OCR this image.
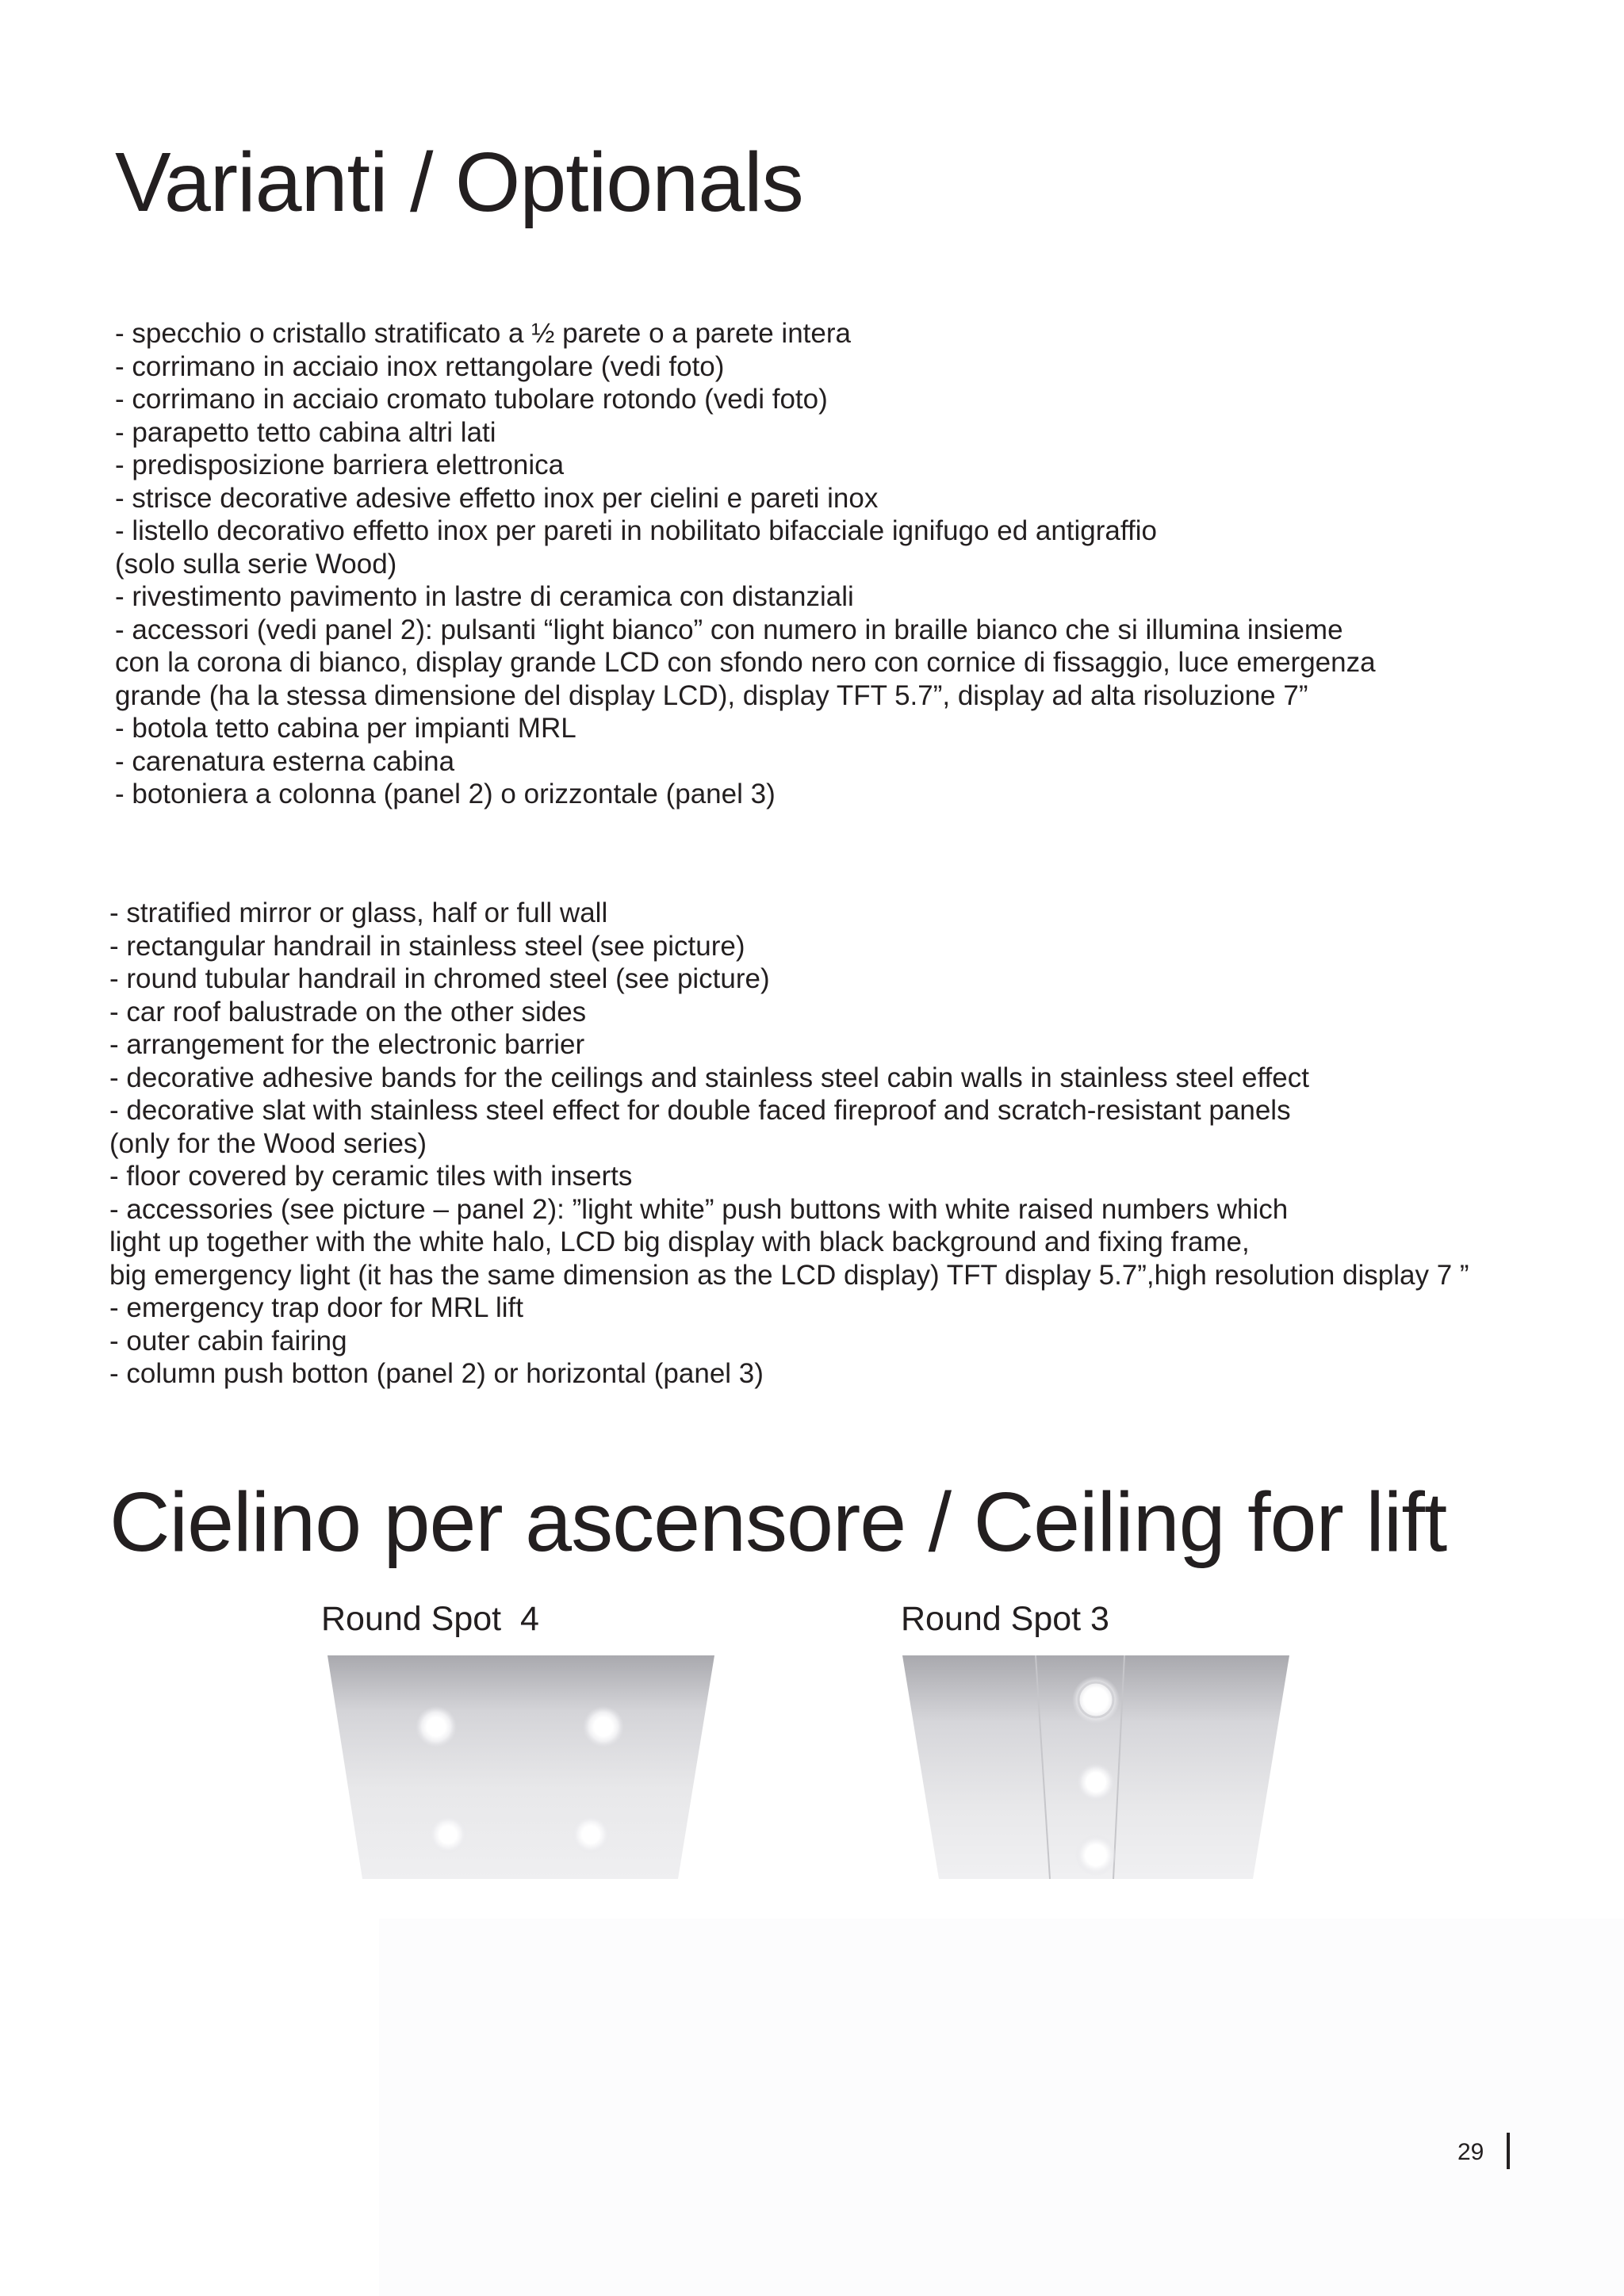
Varianti / Optionals
- specchio o cristallo stratificato a ½ parete o a parete intera
- corrimano in acciaio inox rettangolare (vedi foto)
- corrimano in acciaio cromato tubolare rotondo (vedi foto)
- parapetto tetto cabina altri lati
- predisposizione barriera elettronica
- strisce decorative adesive effetto inox per cielini e pareti inox
- listello decorativo effetto inox per pareti in nobilitato bifacciale ignifugo ed antigraffio
(solo sulla serie Wood)
- rivestimento pavimento in lastre di ceramica con distanziali
- accessori (vedi panel 2): pulsanti “light bianco” con numero in braille bianco che si illumina insieme
con la corona di bianco, display grande LCD con sfondo nero con cornice di fissaggio, luce emergenza
grande (ha la stessa dimensione del display LCD), display TFT 5.7”, display ad alta risoluzione 7”
- botola tetto cabina per impianti MRL
- carenatura esterna cabina
- botoniera a colonna (panel 2) o orizzontale (panel 3)
- stratified mirror or glass, half or full wall
- rectangular handrail in stainless steel (see picture)
- round tubular handrail in chromed steel (see picture)
- car roof balustrade on the other sides
- arrangement for the electronic barrier
- decorative adhesive bands for the ceilings and stainless steel cabin walls in stainless steel effect
- decorative slat with stainless steel effect for double faced fireproof and scratch-resistant panels
(only for the Wood series)
- floor covered by ceramic tiles with inserts
- accessories (see picture – panel 2): ”light white” push buttons with white raised numbers which
light up together with the white halo, LCD big display with black background and fixing frame,
big emergency light (it has the same dimension as the LCD display) TFT display 5.7”,high resolution display 7 ”
- emergency trap door for MRL lift
- outer cabin fairing
- column push botton (panel 2) or horizontal (panel 3)
Cielino per ascensore / Ceiling for lift
Round Spot  4	Round Spot 3
29
